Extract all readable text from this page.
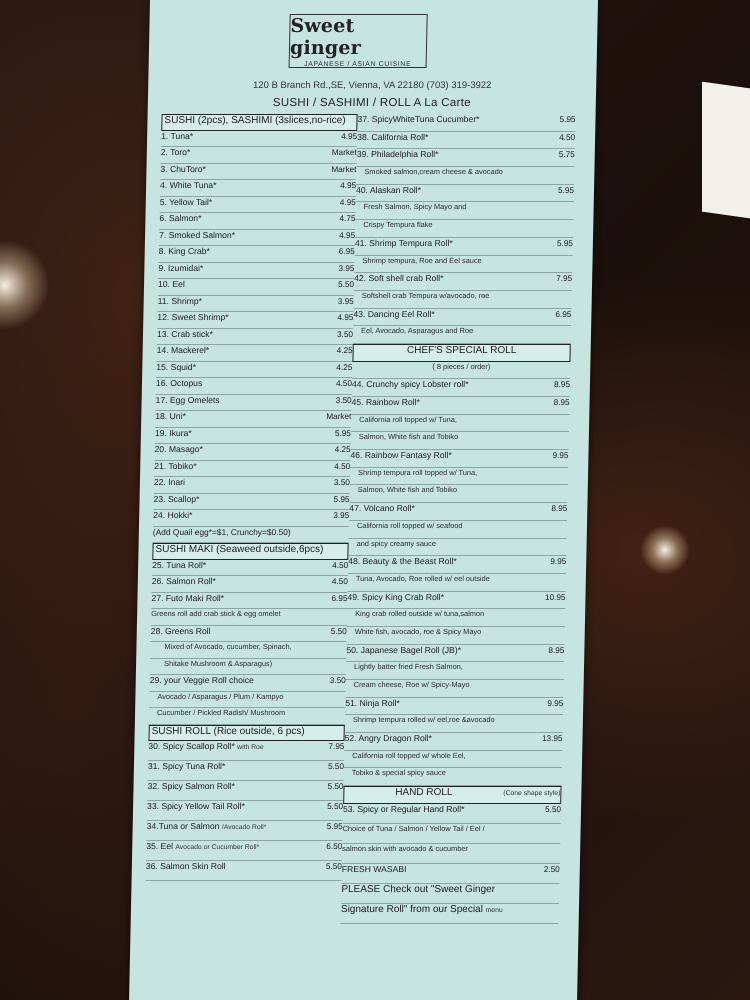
Sweet ginger
JAPANESE / ASIAN CUISINE
120 B Branch Rd.,SE, Vienna, VA 22180 (703) 319-3922
SUSHI / SASHIMI / ROLL A La Carte
SUSHI (2pcs), SASHIMI (3slices,no-rice)
1. Tuna*	4.95
2. Toro*	Market
3. ChuToro*	Market
4. White Tuna*	4.95
5. Yellow Tail*	4.95
6. Salmon*	4.75
7. Smoked Salmon*	4.95
8. King Crab*	6.95
9. Izumidai*	3.95
10. Eel	5.50
11. Shrimp*	3.95
12. Sweet Shrimp*	4.95
13. Crab stick*	3.50
14. Mackerel*	4.25
15. Squid*	4.25
16. Octopus	4.50
17. Egg Omelets	3.50
18. Uni*	Market
19. Ikura*	5.95
20. Masago*	4.25
21. Tobiko*	4.50
22. Inari	3.50
23. Scallop*	5.95
24. Hokki*	3.95
(Add Quail egg*=$1, Crunchy=$0.50)
SUSHI MAKI (Seaweed outside,6pcs)
25. Tuna Roll*	4.50
26. Salmon Roll*	4.50
27. Futo Maki Roll*	6.95
Greens roll add crab stick & egg omelet
28. Greens Roll	5.50
Mixed of Avocado, cucumber, Spinach,
Shitake Mushroom & Asparagus)
29. your Veggie Roll choice	3.50
Avocado / Asparagus / Plum / Kampyo
Cucumber / Pickled Radish/ Mushroom
SUSHI ROLL (Rice outside, 6 pcs)
30. Spicy Scallop Roll* with Roe	7.95
31. Spicy Tuna Roll*	5.50
32. Spicy Salmon Roll*	5.50
33. Spicy Yellow Tail Roll*	5.50
34.Tuna or Salmon /Avocado Roll*	5.95
35. Eel Avocado or Cucumber Roll*	6.50
36. Salmon Skin Roll	5.50
37. SpicyWhiteTuna Cucumber*	5.95
38. California Roll*	4.50
39. Philadelphia Roll*	5.75
Smoked salmon,cream cheese & avocado
40. Alaskan Roll*	5.95
Fresh Salmon, Spicy Mayo and
Crispy Tempura flake
41. Shrimp Tempura Roll*	5.95
Shrimp tempura, Roe and Eel sauce
42. Soft shell crab Roll*	7.95
Softshell crab Tempura w/avocado, roe
43. Dancing Eel Roll*	6.95
Eel, Avocado, Asparagus and Roe
CHEF'S SPECIAL ROLL
( 8 pieces / order)
44. Crunchy spicy Lobster roll*	8.95
45. Rainbow Roll*	8.95
California roll topped w/ Tuna,
Salmon, White fish and Tobiko
46. Rainbow Fantasy Roll*	9.95
Shrimp tempura roll topped w/ Tuna,
Salmon, White fish and Tobiko
47. Volcano Roll*	8.95
California roll topped w/ seafood
and spicy creamy sauce
48. Beauty & the Beast Roll*	9.95
Tuna, Avocado, Roe rolled w/ eel outside
49. Spicy King Crab Roll*	10.95
King crab rolled outside w/ tuna,salmon
White fish, avocado, roe & Spicy Mayo
50. Japanese Bagel Roll (JB)*	8.95
Lightly batter fried Fresh Salmon,
Cream cheese, Roe w/ Spicy-Mayo
51. Ninja Roll*	9.95
Shrimp tempura rolled w/ eel,roe &avocado
52. Angry Dragon Roll*	13.95
California roll topped w/ whole Eel,
Tobiko & special spicy sauce
HAND ROLL	(Cone shape style)
53. Spicy or Regular Hand Roll*	5.50
Choice of Tuna / Salmon / Yellow Tail / Eel /
salmon skin with avocado & cucumber
FRESH WASABI	2.50
PLEASE Check out "Sweet Ginger
Signature Roll" from our Special menu
